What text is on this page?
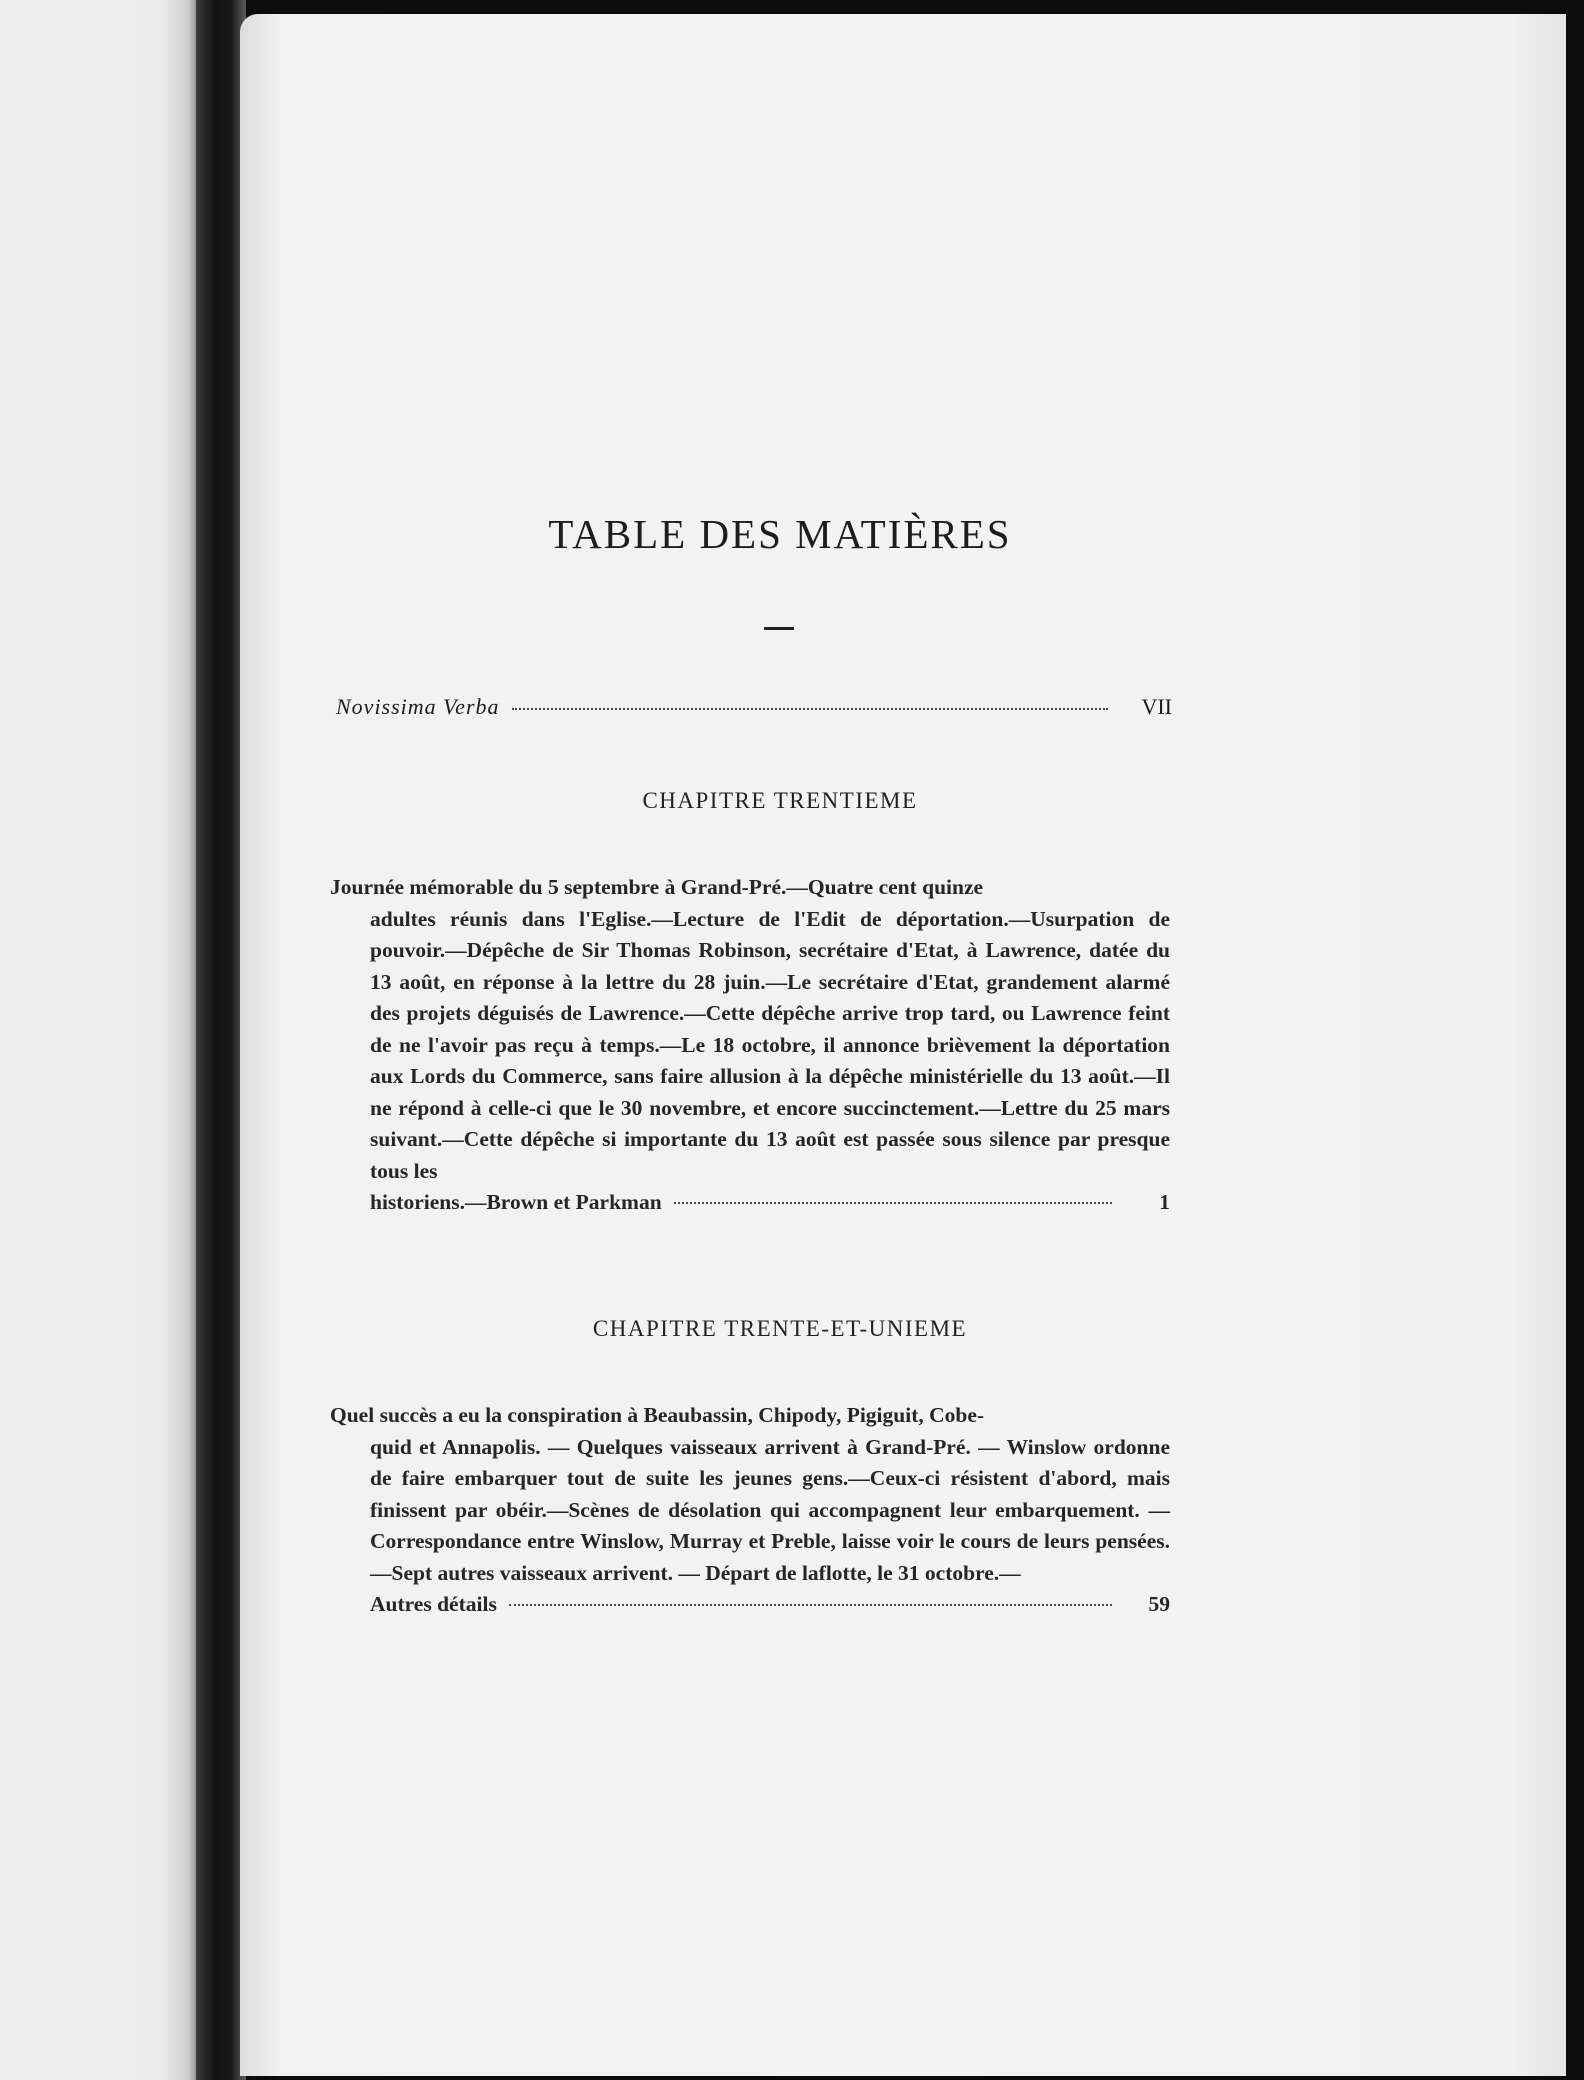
TABLE DES MATIÈRES
Novissima Verba	VII
CHAPITRE TRENTIEME
Journée mémorable du 5 septembre à Grand-Pré.—Quatre cent quinze
adultes réunis dans l'Eglise.—Lecture de l'Edit de déportation.—Usurpation de pouvoir.—Dépêche de Sir Thomas Robinson, secrétaire d'Etat, à Lawrence, datée du 13 août, en réponse à la lettre du 28 juin.—Le secrétaire d'Etat, grandement alarmé des projets déguisés de Lawrence.—Cette dépêche arrive trop tard, ou Lawrence feint de ne l'avoir pas reçu à temps.—Le 18 octobre, il annonce brièvement la déportation aux Lords du Commerce, sans faire allusion à la dépêche ministérielle du 13 août.—Il ne répond à celle-ci que le 30 novembre, et encore succinctement.—Lettre du 25 mars suivant.—Cette dépêche si importante du 13 août est passée sous silence par presque tous les
historiens.—Brown et Parkman	1
CHAPITRE TRENTE-ET-UNIEME
Quel succès a eu la conspiration à Beaubassin, Chipody, Pigiguit, Cobe-
quid et Annapolis. — Quelques vaisseaux arrivent à Grand-Pré. — Winslow ordonne de faire embarquer tout de suite les jeunes gens.—Ceux-ci résistent d'abord, mais finissent par obéir.—Scènes de désolation qui accompagnent leur embarquement. — Correspondance entre Winslow, Murray et Preble, laisse voir le cours de leurs pensées.—Sept autres vaisseaux arrivent. — Départ de laflotte, le 31 octobre.—
Autres détails	59
